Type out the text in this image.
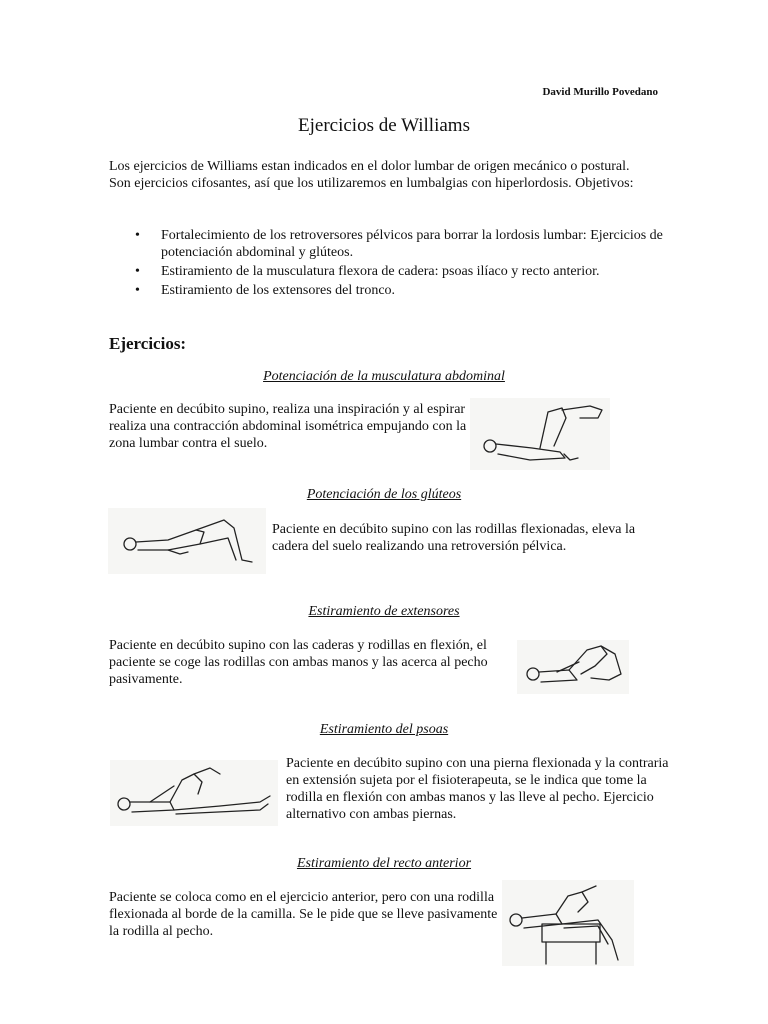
David Murillo Povedano
Ejercicios de Williams
Los ejercicios de Williams estan indicados en el dolor lumbar de origen mecánico o postural. Son ejercicios cifosantes, así que los utilizaremos en lumbalgias con hiperlordosis. Objetivos:
• Fortalecimiento de los retroversores pélvicos para borrar la lordosis lumbar: Ejercicios de potenciación abdominal y glúteos.
• Estiramiento de la musculatura flexora de cadera: psoas ilíaco y recto anterior.
• Estiramiento de los extensores del tronco.
Ejercicios:
Potenciación de la musculatura abdominal
Paciente en decúbito supino, realiza una inspiración y al espirar realiza una contracción abdominal isométrica empujando con la zona lumbar contra el suelo.
Potenciación de los glúteos
Paciente en decúbito supino con las rodillas flexionadas, eleva la cadera del suelo realizando una retroversión pélvica.
Estiramiento de extensores
Paciente en decúbito supino con las caderas y rodillas en flexión, el paciente se coge las rodillas con ambas manos y las acerca al pecho pasivamente.
Estiramiento del psoas
Paciente en decúbito supino con una pierna flexionada y la contraria en extensión sujeta por el fisioterapeuta, se le indica que tome la rodilla en flexión con ambas manos y las lleve al pecho. Ejercicio alternativo con ambas piernas.
Estiramiento del recto anterior
Paciente se coloca como en el ejercicio anterior, pero con una rodilla flexionada al borde de la camilla. Se le pide que se lleve pasivamente la rodilla al pecho.
